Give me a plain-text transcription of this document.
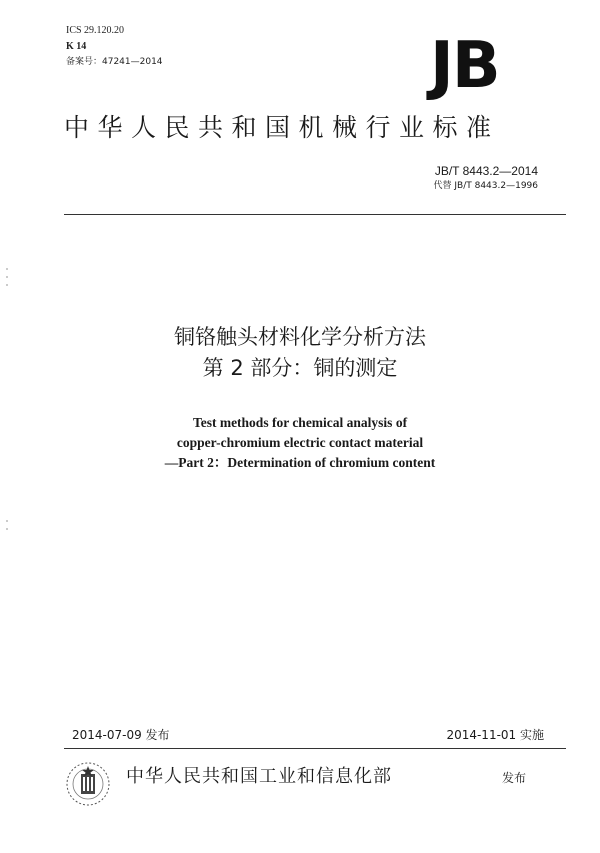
ICS 29.120.20
K 14
备案号：47241—2014	JB
中华人民共和国机械行业标准
JB/T 8443.2—2014
代替 JB/T 8443.2—1996
铜铬触头材料化学分析方法
第 2 部分：铜的测定
Test methods for chemical analysis of
copper-chromium electric contact material
—Part 2：Determination of chromium content
2014-07-09 发布	2014-11-01 实施
中华人民共和国工业和信息化部	发布
